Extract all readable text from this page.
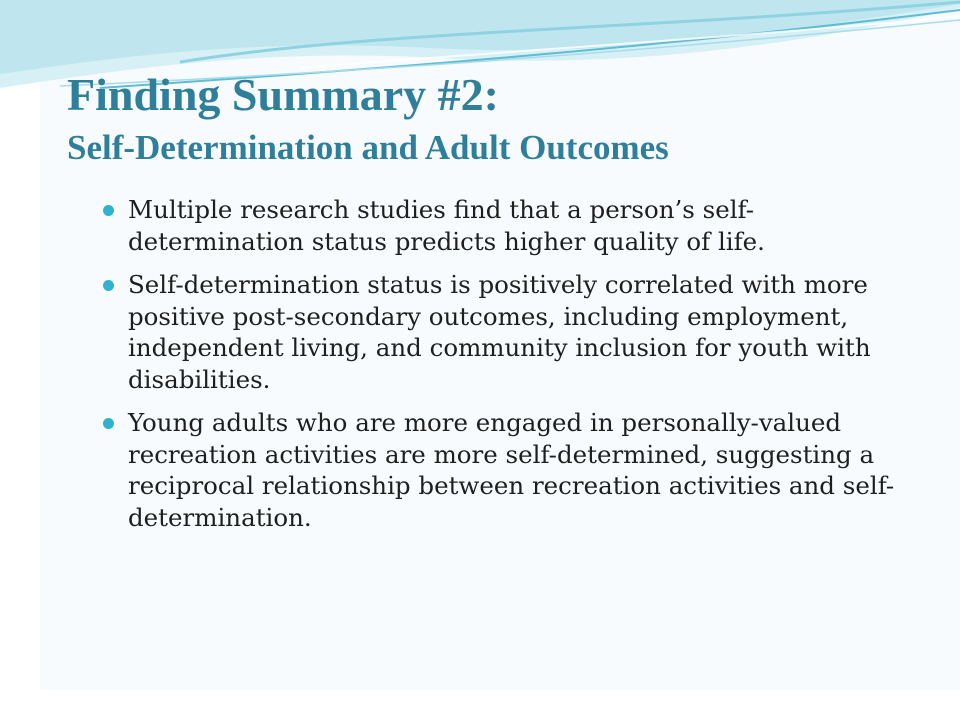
Finding Summary #2:
Self-Determination and Adult Outcomes
Multiple research studies find that a person’s self-determination status predicts higher quality of life.
Self-determination status is positively correlated with more positive post-secondary outcomes, including employment, independent living, and community inclusion for youth with disabilities.
Young adults who are more engaged in personally-valued recreation activities are more self-determined, suggesting a reciprocal relationship between recreation activities and self-determination.
